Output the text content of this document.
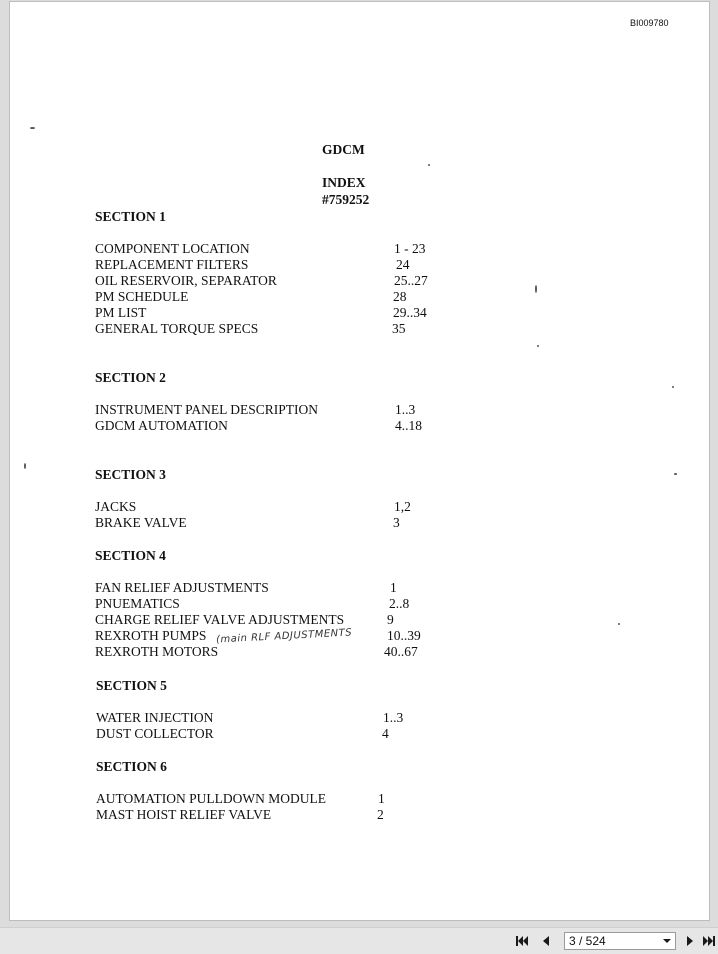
BI009780
GDCM
INDEX
#759252
SECTION 1
COMPONENT LOCATION	1 - 23
REPLACEMENT FILTERS	24
OIL RESERVOIR, SEPARATOR	25..27
PM SCHEDULE	28
PM LIST	29..34
GENERAL TORQUE SPECS	35
SECTION 2
INSTRUMENT PANEL DESCRIPTION	1..3
GDCM AUTOMATION	4..18
SECTION 3
JACKS	1,2
BRAKE VALVE	3
SECTION 4
FAN RELIEF ADJUSTMENTS	1
PNUEMATICS	2..8
CHARGE RELIEF VALVE ADJUSTMENTS	9
REXROTH PUMPS	10..39
REXROTH MOTORS	40..67
(main RLF ADJUSTMENTS
SECTION 5
WATER INJECTION	1..3
DUST COLLECTOR	4
SECTION 6
AUTOMATION PULLDOWN MODULE	1
MAST HOIST RELIEF VALVE	2
3 / 524
